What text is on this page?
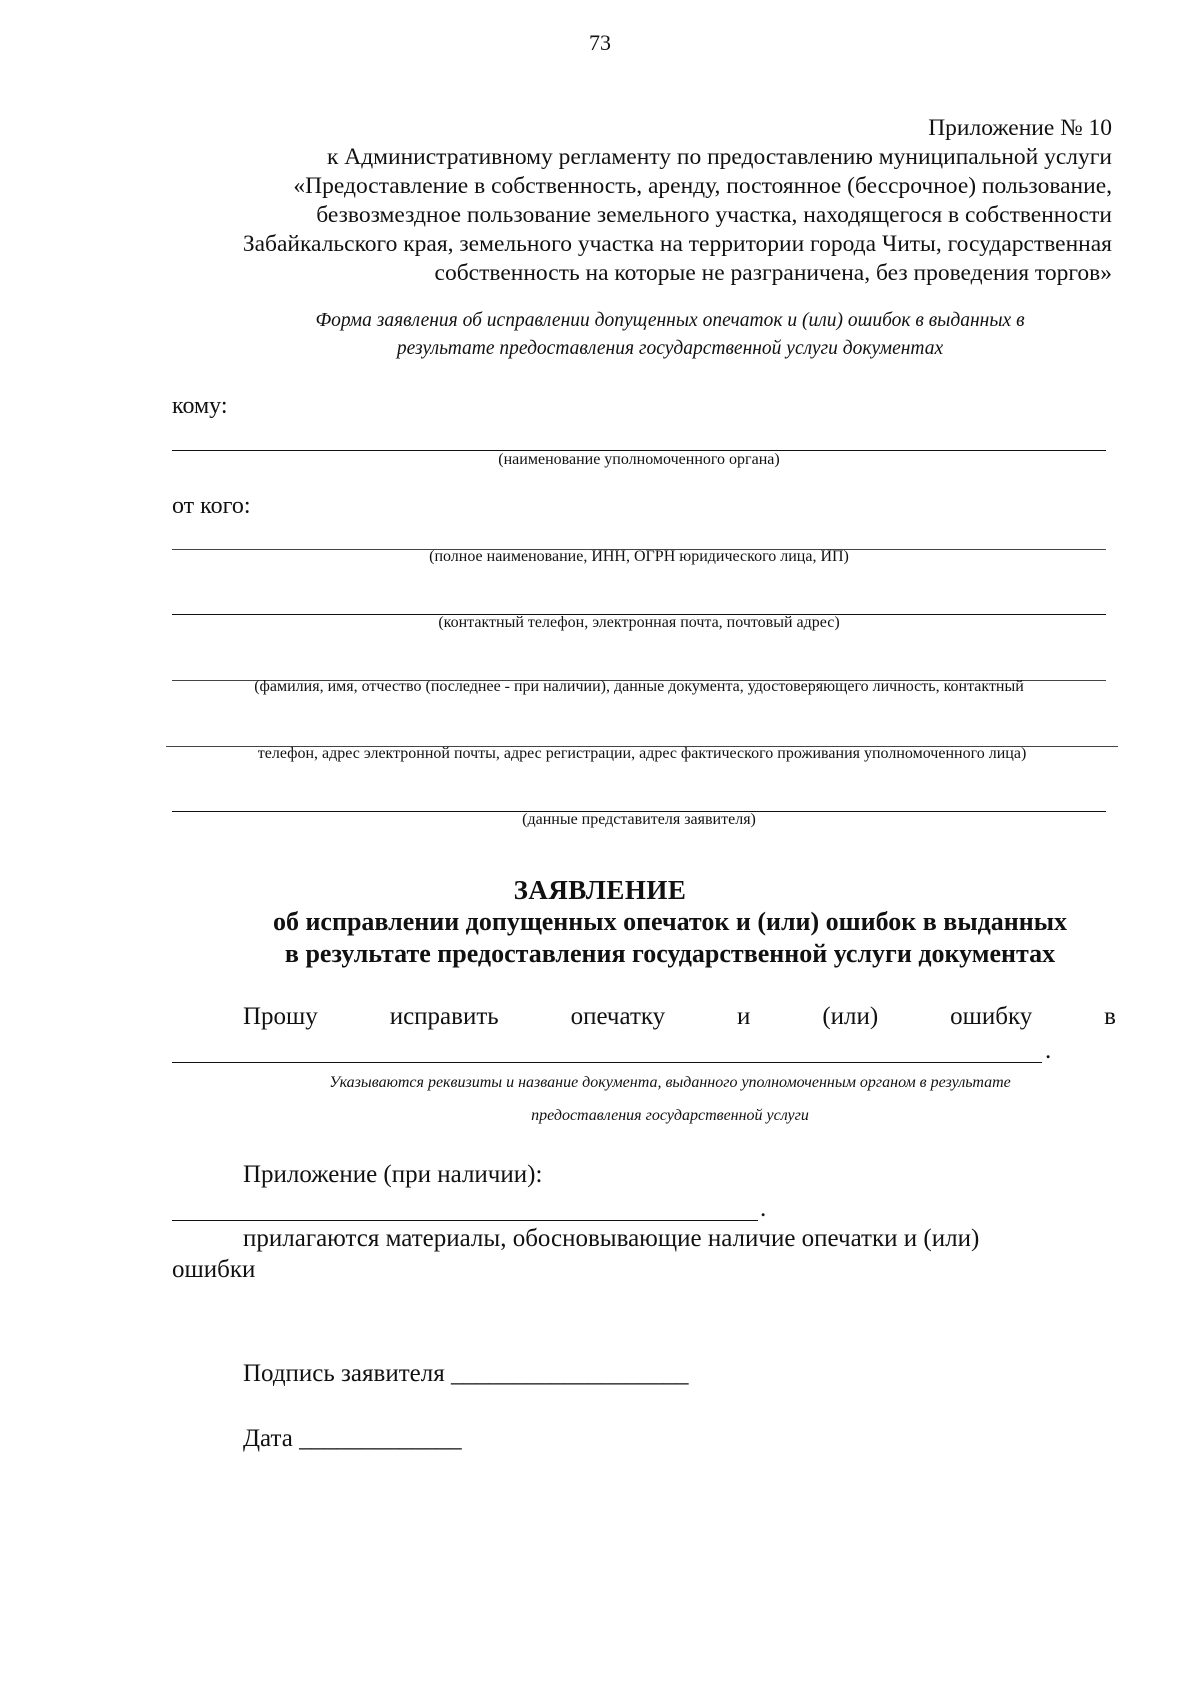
73
Приложение № 10
к Административному регламенту по предоставлению муниципальной услуги
«Предоставление в собственность, аренду, постоянное (бессрочное) пользование,
безвозмездное пользование земельного участка, находящегося в собственности
Забайкальского края, земельного участка на территории города Читы, государственная
собственность на которые не разграничена, без проведения торгов»
Форма заявления об исправлении допущенных опечаток и (или) ошибок в выданных в
результате предоставления государственной услуги документах
кому:
(наименование уполномоченного органа)
от кого:
(полное наименование, ИНН, ОГРН юридического лица, ИП)
(контактный телефон, электронная почта, почтовый адрес)
(фамилия, имя, отчество (последнее - при наличии), данные документа, удостоверяющего личность, контактный
телефон, адрес электронной почты, адрес регистрации, адрес фактического проживания уполномоченного лица)
(данные представителя заявителя)
ЗАЯВЛЕНИЕ
об исправлении допущенных опечаток и (или) ошибок в выданных
в результате предоставления государственной услуги документах
Прошу	исправить	опечатку	и	(или)	ошибку	в
.
Указываются реквизиты и название документа, выданного уполномоченным органом в результате
предоставления государственной услуги
Приложение (при наличии):
.
прилагаются материалы, обосновывающие наличие опечатки и (или)
ошибки
Подпись заявителя ___________________
Дата _____________
